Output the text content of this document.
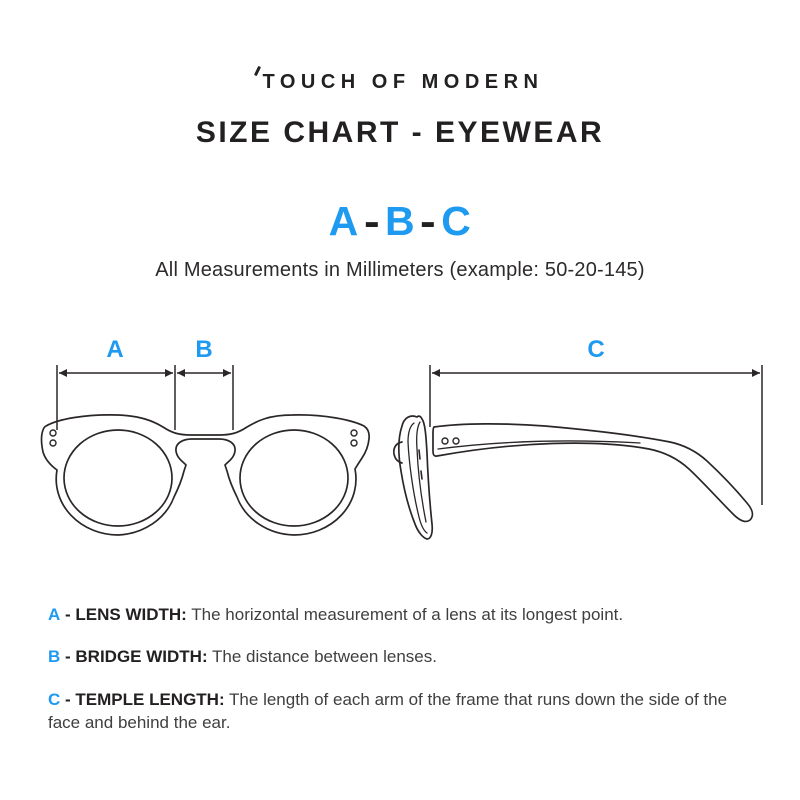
TOUCH OF MODERN
SIZE CHART - EYEWEAR
A - B - C

All Measurements in Millimeters (example: 50-20-145)

A	B	C

A - LENS WIDTH: The horizontal measurement of a lens at its longest point.

B - BRIDGE WIDTH: The distance between lenses.

C - TEMPLE LENGTH: The length of each arm of the frame that runs down the side of the face and behind the ear.
